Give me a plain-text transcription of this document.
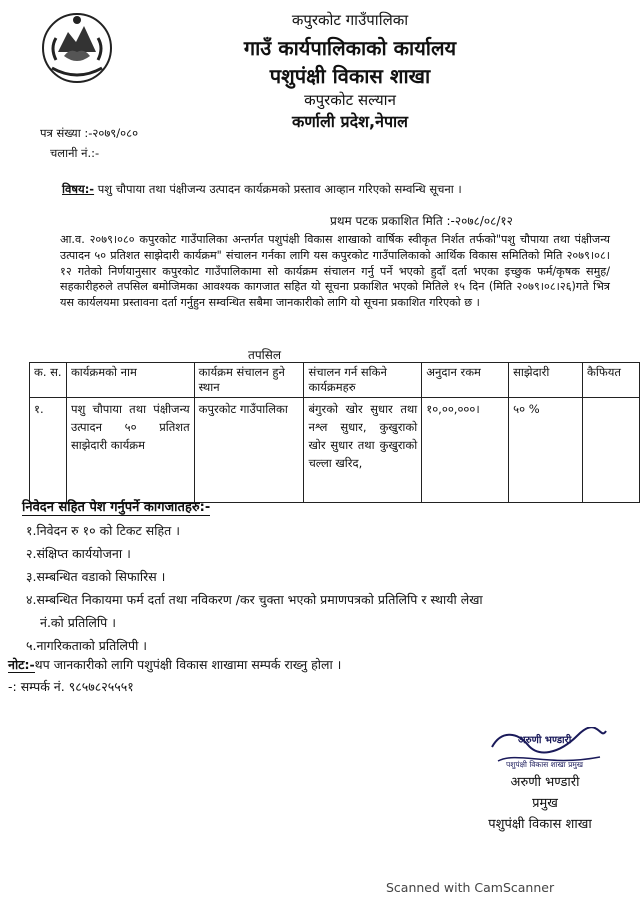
कपुरकोट गाउँपालिका
गाउँ कार्यपालिकाको कार्यालय
पशुपंक्षी विकास शाखा
कपुरकोट सल्यान
कर्णाली प्रदेश,नेपाल
पत्र संख्या :-२०७९/०८०
चलानी नं.:-
विषय:- पशु चौपाया तथा पंक्षीजन्य उत्पादन कार्यक्रमको प्रस्ताव आव्हान गरिएको सम्वन्धि सूचना ।
प्रथम पटक प्रकाशित मिति :-२०७८/०८/१२
आ.व. २०७९।०८० कपुरकोट गाउँपालिका अन्तर्गत पशुपंक्षी विकास शाखाको वार्षिक स्वीकृत निर्शत तर्फको"पशु चौपाया तथा पंक्षीजन्य उत्पादन ५० प्रतिशत साझेदारी कार्यक्रम" संचालन गर्नका लागि यस कपुरकोट गाउँपालिकाको आर्थिक विकास समितिको मिति २०७९।०८।१२ गतेको निर्णयानुसार कपुरकोट गाउँपालिकामा सो कार्यक्रम संचालन गर्नु पर्ने भएको हुदाँ दर्ता भएका इच्छुक फर्म/कृषक समुह/सहकारीहरुले तपसिल बमोजिमका आवश्यक कागजात सहित यो सूचना प्रकाशित भएको मितिले १५ दिन (मिति २०७९।०८।२६)गते भित्र यस कार्यलयमा प्रस्तावना दर्ता गर्नुहुन सम्वन्धित सबैमा जानकारीको लागि यो सूचना प्रकाशित गरिएको छ ।
तपसिल
क. स.	कार्यक्रमको नाम	कार्यक्रम संचालन हुने स्थान	संचालन गर्न सकिने कार्यक्रमहरु	अनुदान रकम	साझेदारी	कैफियत
१.	पशु चौपाया तथा पंक्षीजन्य उत्पादन ५० प्रतिशत साझेदारी कार्यक्रम	कपुरकोट गाउँपालिका	बंगुरको खोर सुधार तथा नश्ल सुधार, कुखुराको खोर सुधार तथा कुखुराको चल्ला खरिद,	१०,००,०००।	५० %	
निवेदन सहित पेश गर्नुपर्ने कागजातहरु:-
१.निवेदन रु १० को टिकट सहित ।
२.संक्षिप्त कार्ययोजना ।
३.सम्बन्धित वडाको सिफारिस ।
४.सम्बन्धित निकायमा फर्म दर्ता तथा नविकरण /कर चुक्ता भएको प्रमाणपत्रको प्रतिलिपि र स्थायी लेखा
नं.को प्रतिलिपि ।
५.नागरिकताको प्रतिलिपी ।
नोट:-थप जानकारीको लागि पशुपंक्षी विकास शाखामा सम्पर्क राख्नु होला ।
-: सम्पर्क नं. ९८५७८२५५५१
अरुणी भण्डारी
पशुपंक्षी विकास शाखा प्रमुख
अरुणी भण्डारी
प्रमुख
पशुपंक्षी विकास शाखा
Scanned with CamScanner
